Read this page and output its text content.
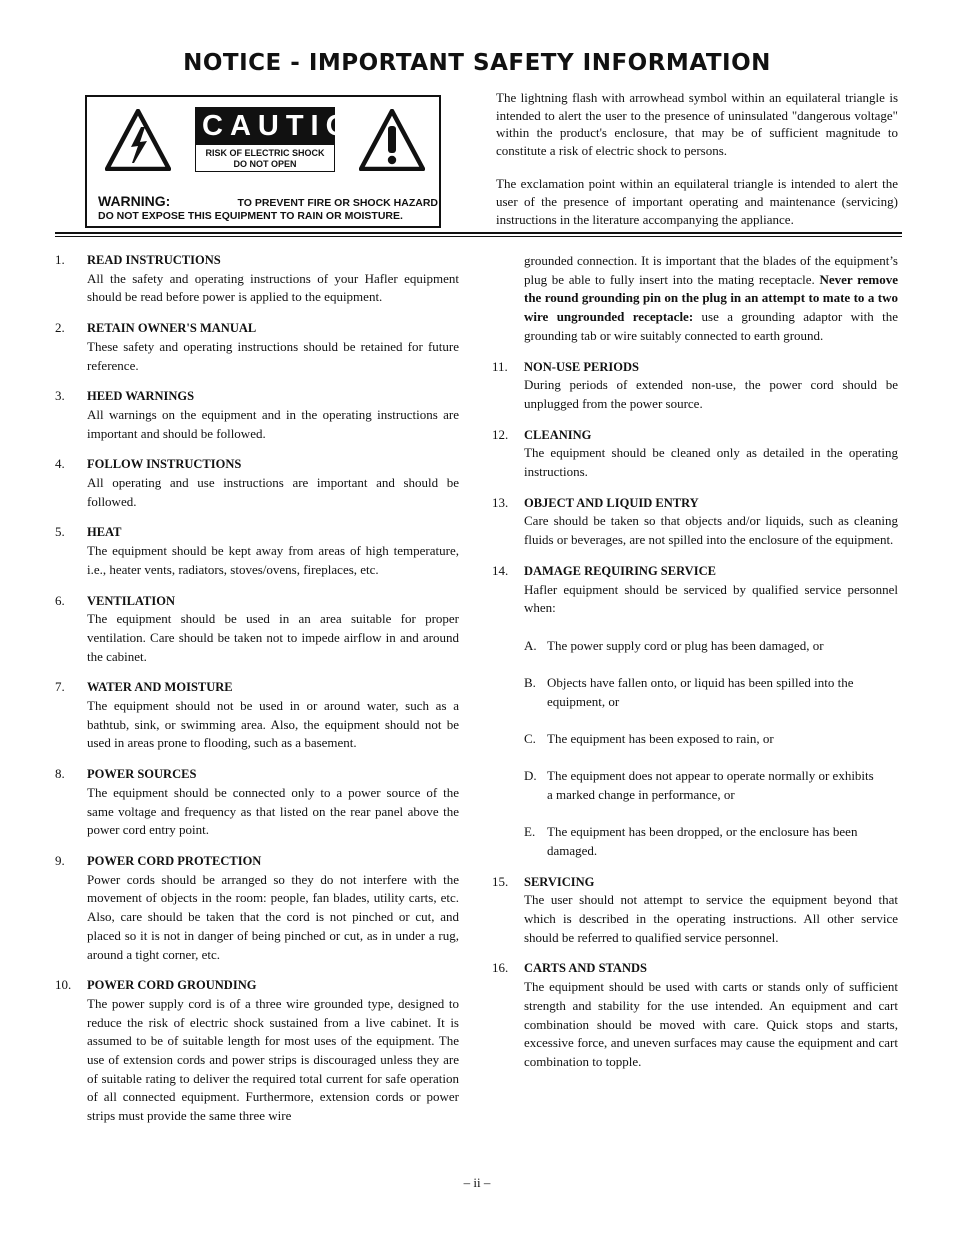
NOTICE - IMPORTANT SAFETY INFORMATION
CAUTION
RISK OF ELECTRIC SHOCK
DO NOT OPEN
WARNING:	TO PREVENT FIRE OR SHOCK HAZARD
DO NOT EXPOSE THIS EQUIPMENT TO RAIN OR MOISTURE.

The lightning flash with arrowhead symbol within an equilateral triangle is intended to alert the user to the presence of uninsulated "dangerous voltage" within the product's enclosure, that may be of sufficient magnitude to constitute a risk of electric shock to persons.

The exclamation point within an equilateral triangle is intended to alert the user of the presence of important operating and maintenance (servicing) instructions in the literature accompanying the appliance.

1.	READ INSTRUCTIONS
All the safety and operating instructions of your Hafler equipment should be read before power is applied to the equipment.
2.	RETAIN OWNER'S MANUAL
These safety and operating instructions should be retained for future reference.
3.	HEED WARNINGS
All warnings on the equipment and in the operating instructions are important and should be followed.
4.	FOLLOW INSTRUCTIONS
All operating and use instructions are important and should be followed.
5.	HEAT
The equipment should be kept away from areas of high temperature, i.e., heater vents, radiators, stoves/ovens, fireplaces, etc.
6.	VENTILATION
The equipment should be used in an area suitable for proper ventilation. Care should be taken not to impede airflow in and around the cabinet.
7.	WATER AND MOISTURE
The equipment should not be used in or around water, such as a bathtub, sink, or swimming area. Also, the equipment should not be used in areas prone to flooding, such as a basement.
8.	POWER SOURCES
The equipment should be connected only to a power source of the same voltage and frequency as that listed on the rear panel above the power cord entry point.
9.	POWER CORD PROTECTION
Power cords should be arranged so they do not interfere with the movement of objects in the room: people, fan blades, utility carts, etc. Also, care should be taken that the cord is not pinched or cut, and placed so it is not in danger of being pinched or cut, as in under a rug, around a tight corner, etc.
10.	POWER CORD GROUNDING
The power supply cord is of a three wire grounded type, designed to reduce the risk of electric shock sustained from a live cabinet. It is assumed to be of suitable length for most uses of the equipment. The use of extension cords and power strips is discouraged unless they are of suitable rating to deliver the required total current for safe operation of all connected equipment. Furthermore, extension cords or power strips must provide the same three wire
grounded connection. It is important that the blades of the equipment’s plug be able to fully insert into the mating receptacle. Never remove the round grounding pin on the plug in an attempt to mate to a two wire ungrounded receptacle: use a grounding adaptor with the grounding tab or wire suitably connected to earth ground.
11.	NON-USE PERIODS
During periods of extended non-use, the power cord should be unplugged from the power source.
12.	CLEANING
The equipment should be cleaned only as detailed in the operating instructions.
13.	OBJECT AND LIQUID ENTRY
Care should be taken so that objects and/or liquids, such as cleaning fluids or beverages, are not spilled into the enclosure of the equipment.
14.	DAMAGE REQUIRING SERVICE
Hafler equipment should be serviced by qualified service personnel when:
A. The power supply cord or plug has been damaged, or
B. Objects have fallen onto, or liquid has been spilled into the equipment, or
C. The equipment has been exposed to rain, or
D. The equipment does not appear to operate normally or exhibits a marked change in performance, or
E. The equipment has been dropped, or the enclosure has been damaged.
15.	SERVICING
The user should not attempt to service the equipment beyond that which is described in the operating instructions. All other service should be referred to qualified service personnel.
16.	CARTS AND STANDS
The equipment should be used with carts or stands only of sufficient strength and stability for the use intended. An equipment and cart combination should be moved with care. Quick stops and starts, excessive force, and uneven surfaces may cause the equipment and cart combination to topple.
– ii –
